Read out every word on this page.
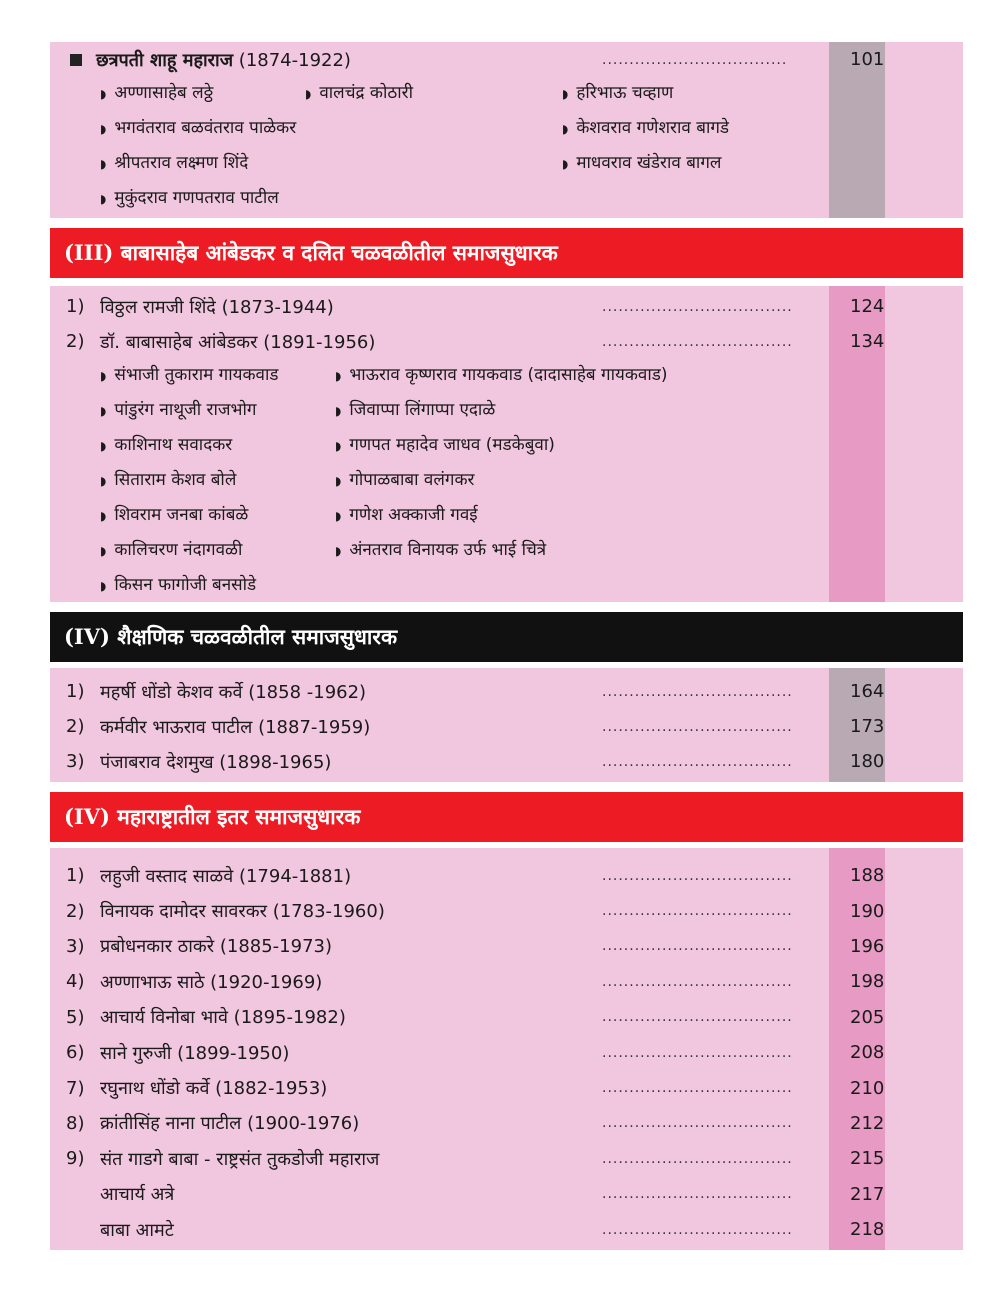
छत्रपती शाहू महाराज (1874-1922)	..................................	101
◗ अण्णासाहेब लठ्ठे	◗ वालचंद्र कोठारी	◗ हरिभाऊ चव्हाण
◗ भगवंतराव बळवंतराव पाळेकर	◗ केशवराव गणेशराव बागडे
◗ श्रीपतराव लक्ष्मण शिंदे	◗ माधवराव खंडेराव बागल
◗ मुकुंदराव गणपतराव पाटील
(III) बाबासाहेब आंबेडकर व दलित चळवळीतील समाजसुधारक
1) विठ्ठल रामजी शिंदे (1873-1944)	...................................	124
2) डॉ. बाबासाहेब आंबेडकर (1891-1956)	...................................	134
◗ संभाजी तुकाराम गायकवाड	◗ भाऊराव कृष्णराव गायकवाड (दादासाहेब गायकवाड)
◗ पांडुरंग नाथूजी राजभोग	◗ जिवाप्पा लिंगाप्पा एदाळे
◗ काशिनाथ सवादकर	◗ गणपत महादेव जाधव (मडकेबुवा)
◗ सिताराम केशव बोले	◗ गोपाळबाबा वलंगकर
◗ शिवराम जनबा कांबळे	◗ गणेश अक्काजी गवई
◗ कालिचरण नंदागवळी	◗ अंनतराव विनायक उर्फ भाई चित्रे
◗ किसन फागोजी बनसोडे
(IV) शैक्षणिक चळवळीतील समाजसुधारक
1) महर्षी धोंडो केशव कर्वे (1858 -1962)	...................................	164
2) कर्मवीर भाऊराव पाटील (1887-1959)	...................................	173
3) पंजाबराव देशमुख (1898-1965)	...................................	180
(IV) महाराष्ट्रातील इतर समाजसुधारक
1) लहुजी वस्ताद साळवे (1794-1881)	...................................	188
2) विनायक दामोदर सावरकर (1783-1960)	...................................	190
3) प्रबोधनकार ठाकरे (1885-1973)	...................................	196
4) अण्णाभाऊ साठे (1920-1969)	...................................	198
5) आचार्य विनोबा भावे (1895-1982)	...................................	205
6) साने गुरुजी (1899-1950)	...................................	208
7) रघुनाथ धोंडो कर्वे (1882-1953)	...................................	210
8) क्रांतीसिंह नाना पाटील (1900-1976)	...................................	212
9) संत गाडगे बाबा - राष्ट्रसंत तुकडोजी महाराज	...................................	215
आचार्य अत्रे	...................................	217
बाबा आमटे	...................................	218
